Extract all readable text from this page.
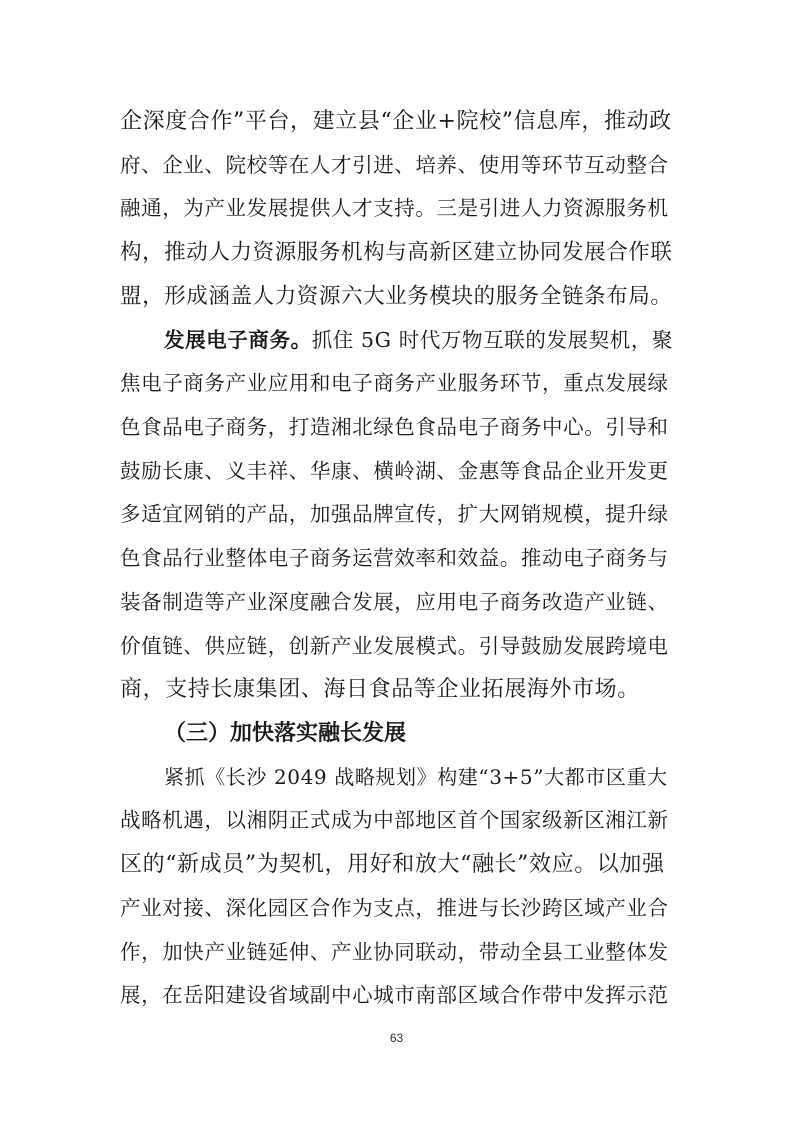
企深度合作”平台，建立县“企业+院校”信息库，推动政
府、企业、院校等在人才引进、培养、使用等环节互动整合
融通，为产业发展提供人才支持。三是引进人力资源服务机
构，推动人力资源服务机构与高新区建立协同发展合作联
盟，形成涵盖人力资源六大业务模块的服务全链条布局。
发展电子商务。抓住 5G 时代万物互联的发展契机，聚
焦电子商务产业应用和电子商务产业服务环节，重点发展绿
色食品电子商务，打造湘北绿色食品电子商务中心。引导和
鼓励长康、义丰祥、华康、横岭湖、金惠等食品企业开发更
多适宜网销的产品，加强品牌宣传，扩大网销规模，提升绿
色食品行业整体电子商务运营效率和效益。推动电子商务与
装备制造等产业深度融合发展，应用电子商务改造产业链、
价值链、供应链，创新产业发展模式。引导鼓励发展跨境电
商，支持长康集团、海日食品等企业拓展海外市场。
（三）加快落实融长发展
紧抓《长沙 2049 战略规划》构建“3+5”大都市区重大
战略机遇，以湘阴正式成为中部地区首个国家级新区湘江新
区的“新成员”为契机，用好和放大“融长”效应。以加强
产业对接、深化园区合作为支点，推进与长沙跨区域产业合
作，加快产业链延伸、产业协同联动，带动全县工业整体发
展，在岳阳建设省域副中心城市南部区域合作带中发挥示范
63
